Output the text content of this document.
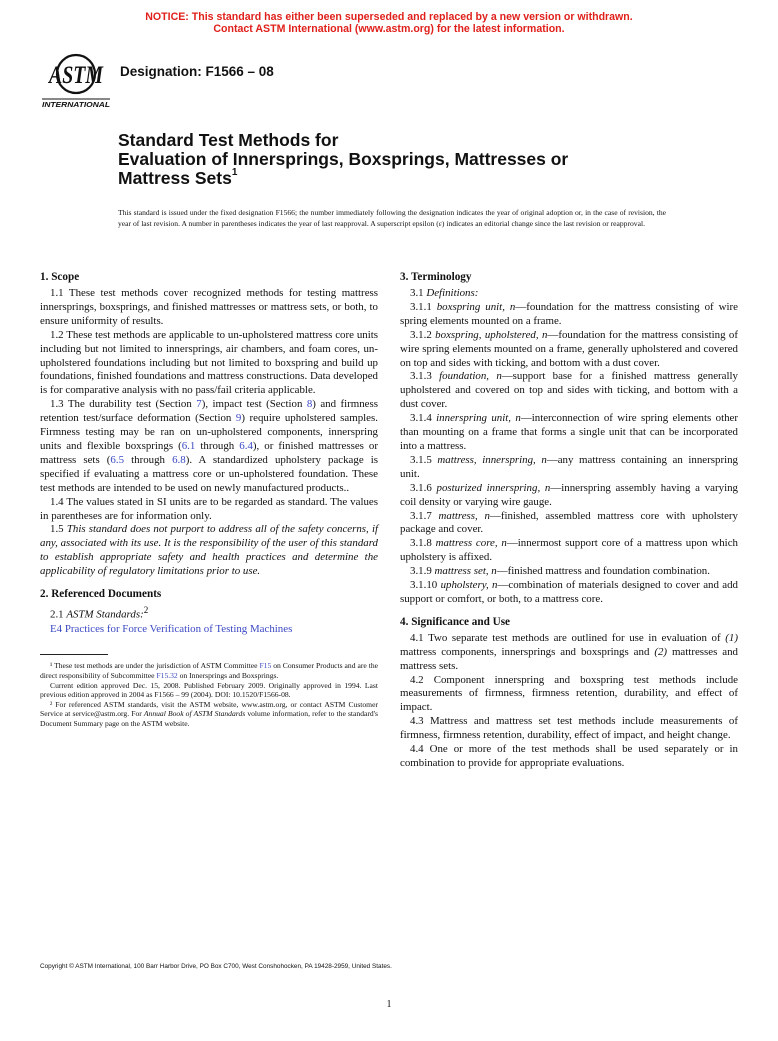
NOTICE: This standard has either been superseded and replaced by a new version or withdrawn.
Contact ASTM International (www.astm.org) for the latest information.
ASTM
INTERNATIONAL
Designation: F1566 – 08
Standard Test Methods for
Evaluation of Innersprings, Boxsprings, Mattresses or
Mattress Sets$^1$
This standard is issued under the fixed designation F1566; the number immediately following the designation indicates the year of original adoption or, in the case of revision, the year of last revision. A number in parentheses indicates the year of last reapproval. A superscript epsilon (ε) indicates an editorial change since the last revision or reapproval.
1. Scope

1.1 These test methods cover recognized methods for testing mattress innersprings, boxsprings, and finished mattresses or mattress sets, or both, to ensure uniformity of results.

1.2 These test methods are applicable to un-upholstered mattress core units including but not limited to innersprings, air chambers, and foam cores, un-upholstered foundations including but not limited to boxspring and build up foundations, finished foundations and mattress constructions. Data developed is for comparative analysis with no pass/fail criteria applicable.

1.3 The durability test (Section 7), impact test (Section 8) and firmness retention test/surface deformation (Section 9) require upholstered samples. Firmness testing may be ran on un-upholstered components, innerspring units and flexible boxsprings (6.1 through 6.4), or finished mattresses or mattress sets (6.5 through 6.8). A standardized upholstery package is specified if evaluating a mattress core or un-upholstered foundation. These test methods are intended to be used on newly manufactured products..

1.4 The values stated in SI units are to be regarded as standard. The values in parentheses are for information only.

1.5 This standard does not purport to address all of the safety concerns, if any, associated with its use. It is the responsibility of the user of this standard to establish appropriate safety and health practices and determine the applicability of regulatory limitations prior to use.

2. Referenced Documents

2.1 ASTM Standards:$^2$

E4 Practices for Force Verification of Testing Machines

¹ These test methods are under the jurisdiction of ASTM Committee F15 on Consumer Products and are the direct responsibility of Subcommittee F15.32 on Innersprings and Boxsprings.

Current edition approved Dec. 15, 2008. Published February 2009. Originally approved in 1994. Last previous edition approved in 2004 as F1566 – 99 (2004). DOI: 10.1520/F1566-08.

² For referenced ASTM standards, visit the ASTM website, www.astm.org, or contact ASTM Customer Service at service@astm.org. For Annual Book of ASTM Standards volume information, refer to the standard's Document Summary page on the ASTM website.

3. Terminology

3.1 Definitions:

3.1.1 boxspring unit, n—foundation for the mattress consisting of wire spring elements mounted on a frame.

3.1.2 boxspring, upholstered, n—foundation for the mattress consisting of wire spring elements mounted on a frame, generally upholstered and covered on top and sides with ticking, and bottom with a dust cover.

3.1.3 foundation, n—support base for a finished mattress generally upholstered and covered on top and sides with ticking, and bottom with a dust cover.

3.1.4 innerspring unit, n—interconnection of wire spring elements other than mounting on a frame that forms a single unit that can be incorporated into a mattress.

3.1.5 mattress, innerspring, n—any mattress containing an innerspring unit.

3.1.6 posturized innerspring, n—innerspring assembly having a varying coil density or varying wire gauge.

3.1.7 mattress, n—finished, assembled mattress core with upholstery package and cover.

3.1.8 mattress core, n—innermost support core of a mattress upon which upholstery is affixed.

3.1.9 mattress set, n—finished mattress and foundation combination.

3.1.10 upholstery, n—combination of materials designed to cover and add support or comfort, or both, to a mattress core.

4. Significance and Use

4.1 Two separate test methods are outlined for use in evaluation of (1) mattress components, innersprings and boxsprings and (2) mattresses and mattress sets.

4.2 Component innerspring and boxspring test methods include measurements of firmness, firmness retention, durability, and effect of impact.

4.3 Mattress and mattress set test methods include measurements of firmness, firmness retention, durability, effect of impact, and height change.

4.4 One or more of the test methods shall be used separately or in combination to provide for appropriate evaluations.

Copyright © ASTM International, 100 Barr Harbor Drive, PO Box C700, West Conshohocken, PA 19428-2959, United States.
1
